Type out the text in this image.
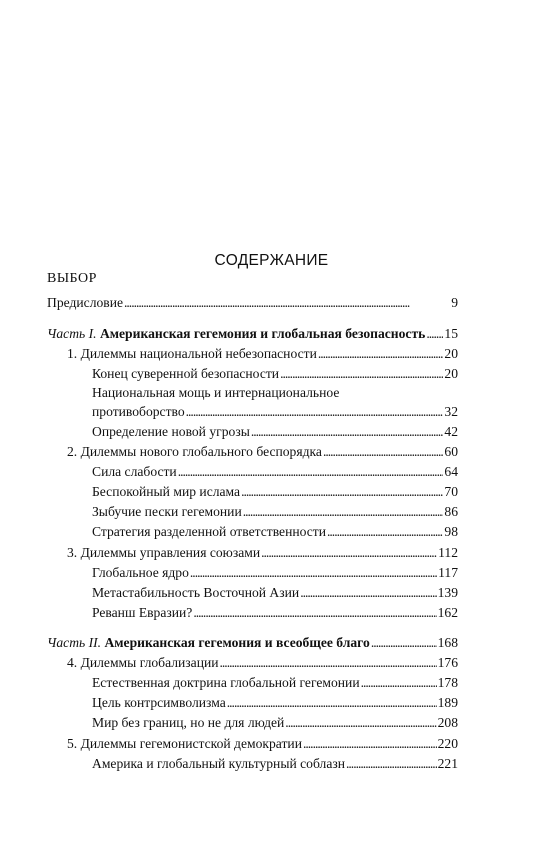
СОДЕРЖАНИЕ
ВЫБОР
Предисловие . . .	9
Часть I. Американская гегемония и глобальная безопасность . . . 15
1. Дилеммы национальной небезопасности . . .	20
Конец суверенной безопасности . . .	20
Национальная мощь и интернациональное
противоборство . . .	32
Определение новой угрозы . . .	42
2. Дилеммы нового глобального беспорядка . . .	60
Сила слабости . . .	64
Беспокойный мир ислама . . .	70
Зыбучие пески гегемонии . . .	86
Стратегия разделенной ответственности . . .	98
3. Дилеммы управления союзами . . .	112
Глобальное ядро . . .	117
Метастабильность Восточной Азии . . .	139
Реванш Евразии? . . .	162
Часть II. Американская гегемония и всеобщее благо . . .	168
4. Дилеммы глобализации . . .	176
Естественная доктрина глобальной гегемонии . . .	178
Цель контрсимволизма . . .	189
Мир без границ, но не для людей . . .	208
5. Дилеммы гегемонистской демократии . . .	220
Америка и глобальный культурный соблазн . . .	221
